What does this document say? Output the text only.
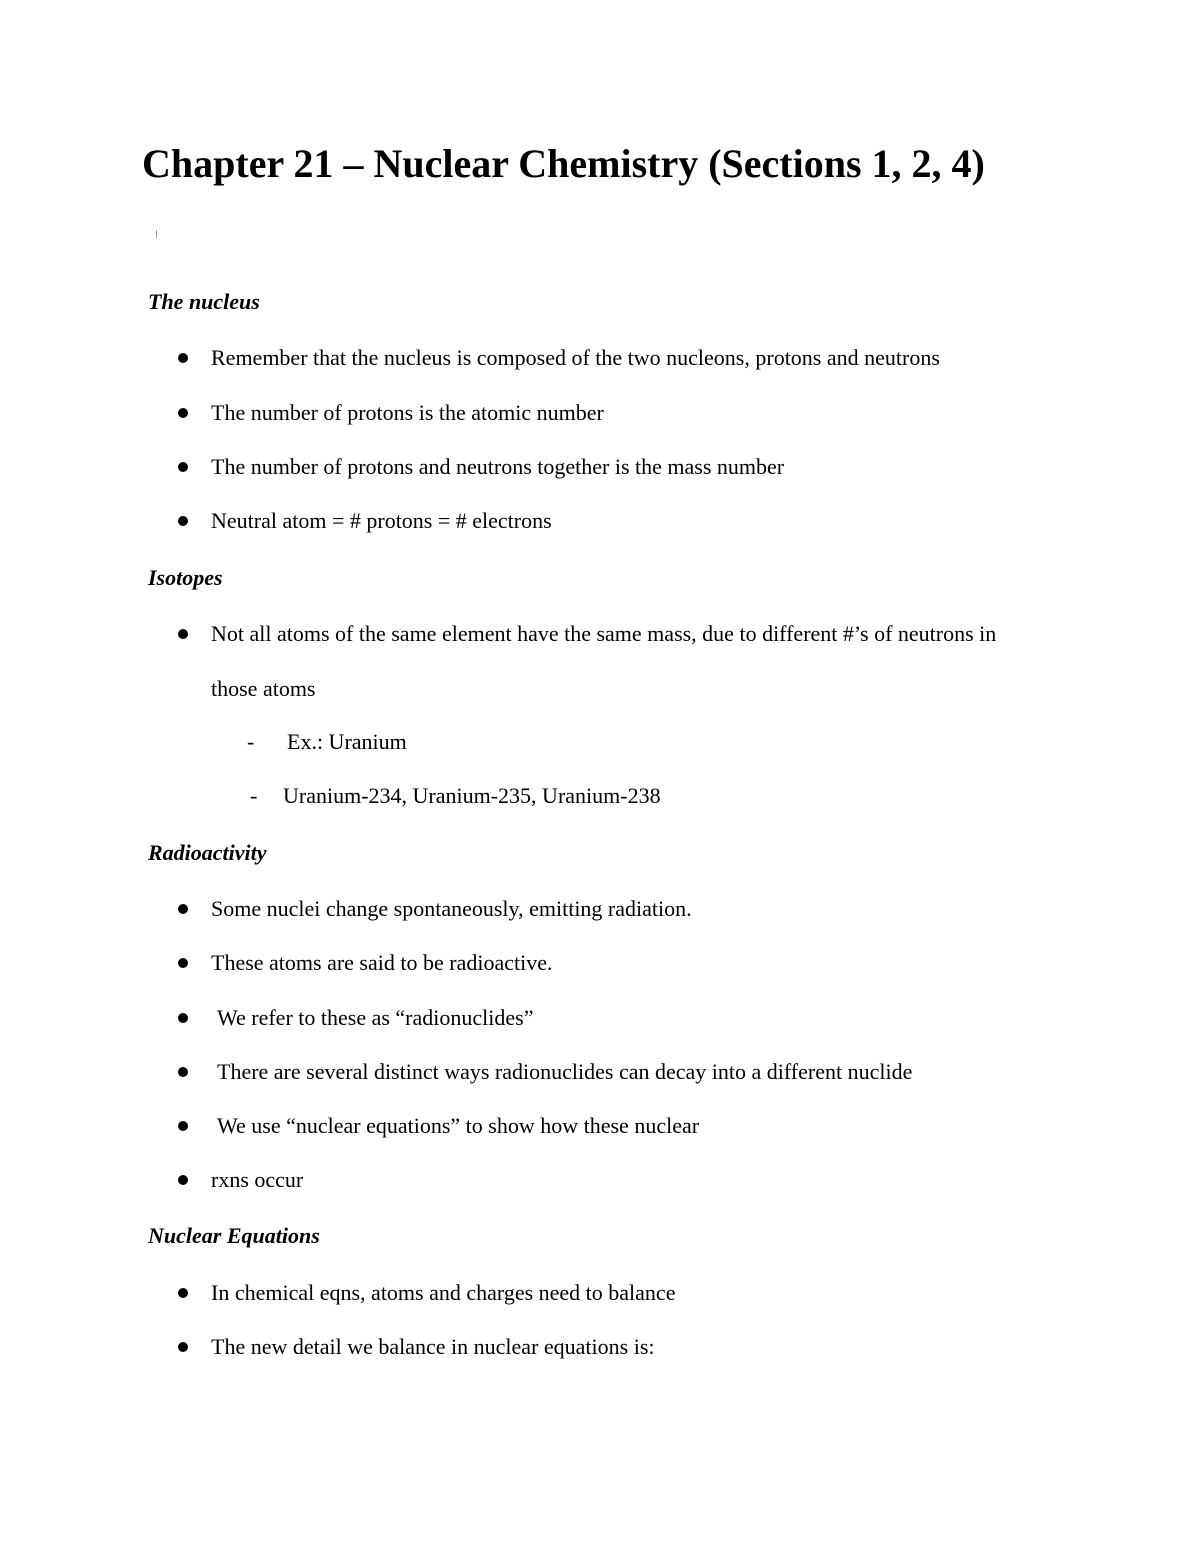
Chapter 21 – Nuclear Chemistry (Sections 1, 2, 4)
The nucleus
Remember that the nucleus is composed of the two nucleons, protons and neutrons
The number of protons is the atomic number
The number of protons and neutrons together is the mass number
Neutral atom = # protons = # electrons
Isotopes
Not all atoms of the same element have the same mass, due to different #’s of neutrons in
those atoms
- Ex.: Uranium
- Uranium-234, Uranium-235, Uranium-238
Radioactivity
Some nuclei change spontaneously, emitting radiation.
These atoms are said to be radioactive.
We refer to these as “radionuclides”
There are several distinct ways radionuclides can decay into a different nuclide
We use “nuclear equations” to show how these nuclear
rxns occur
Nuclear Equations
In chemical eqns, atoms and charges need to balance
The new detail we balance in nuclear equations is:
